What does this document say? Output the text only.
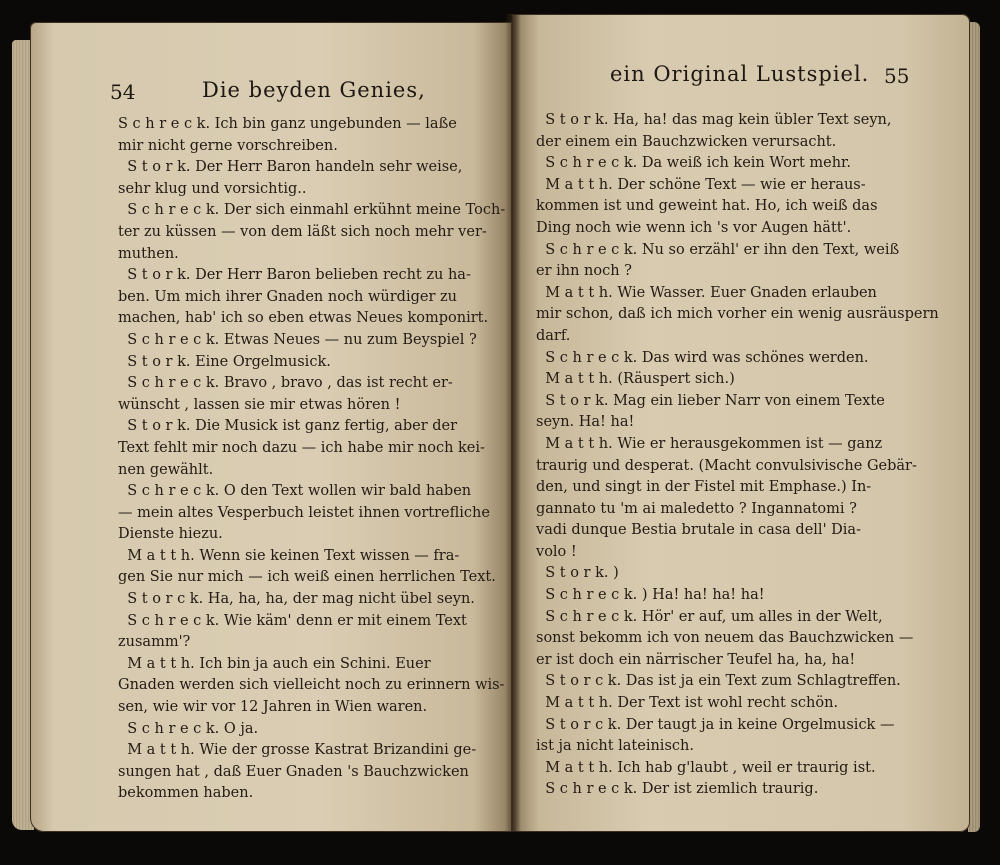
54	Die beyden Genies,
S c h r e c k. Ich bin ganz ungebunden — laße
mir nicht gerne vorschreiben.
S t o r k. Der Herr Baron handeln sehr weise,
sehr klug und vorsichtig..
S c h r e c k. Der sich einmahl erkühnt meine Toch-
ter zu küssen — von dem läßt sich noch mehr ver-
muthen.
S t o r k. Der Herr Baron belieben recht zu ha-
ben. Um mich ihrer Gnaden noch würdiger zu
machen, hab' ich so eben etwas Neues komponirt.
S c h r e c k. Etwas Neues — nu zum Beyspiel ?
S t o r k. Eine Orgelmusick.
S c h r e c k. Bravo , bravo , das ist recht er-
wünscht , lassen sie mir etwas hören !
S t o r k. Die Musick ist ganz fertig, aber der
Text fehlt mir noch dazu — ich habe mir noch kei-
nen gewählt.
S c h r e c k. O den Text wollen wir bald haben
— mein altes Vesperbuch leistet ihnen vortrefliche
Dienste hiezu.
M a t t h. Wenn sie keinen Text wissen — fra-
gen Sie nur mich — ich weiß einen herrlichen Text.
S t o r c k. Ha, ha, ha, der mag nicht übel seyn.
S c h r e c k. Wie käm' denn er mit einem Text
zusamm'?
M a t t h. Ich bin ja auch ein Schini. Euer
Gnaden werden sich vielleicht noch zu erinnern wis-
sen, wie wir vor 12 Jahren in Wien waren.
S c h r e c k. O ja.
M a t t h. Wie der grosse Kastrat Brizandini ge-
sungen hat , daß Euer Gnaden 's Bauchzwicken
bekommen haben.
ein Original Lustspiel. 55
S t o r k. Ha, ha! das mag kein übler Text seyn,
der einem ein Bauchzwicken verursacht.
S c h r e c k. Da weiß ich kein Wort mehr.
M a t t h. Der schöne Text — wie er heraus-
kommen ist und geweint hat. Ho, ich weiß das
Ding noch wie wenn ich 's vor Augen hätt'.
S c h r e c k. Nu so erzähl' er ihn den Text, weiß
er ihn noch ?
M a t t h. Wie Wasser. Euer Gnaden erlauben
mir schon, daß ich mich vorher ein wenig ausräuspern
darf.
S c h r e c k. Das wird was schönes werden.
M a t t h. (Räuspert sich.)
S t o r k. Mag ein lieber Narr von einem Texte
seyn. Ha! ha!
M a t t h. Wie er herausgekommen ist — ganz
traurig und desperat. (Macht convulsivische Gebär-
den, und singt in der Fistel mit Emphase.) In-
gannato tu 'm ai maledetto ? Ingannatomi ?
vadi dunque Bestia brutale in casa dell' Dia-
volo !
S t o r k. )
S c h r e c k. ) Ha! ha! ha! ha!
S c h r e c k. Hör' er auf, um alles in der Welt,
sonst bekomm ich von neuem das Bauchzwicken —
er ist doch ein närrischer Teufel ha, ha, ha!
S t o r c k. Das ist ja ein Text zum Schlagtreffen.
M a t t h. Der Text ist wohl recht schön.
S t o r c k. Der taugt ja in keine Orgelmusick —
ist ja nicht lateinisch.
M a t t h. Ich hab g'laubt , weil er traurig ist.
S c h r e c k. Der ist ziemlich traurig.
